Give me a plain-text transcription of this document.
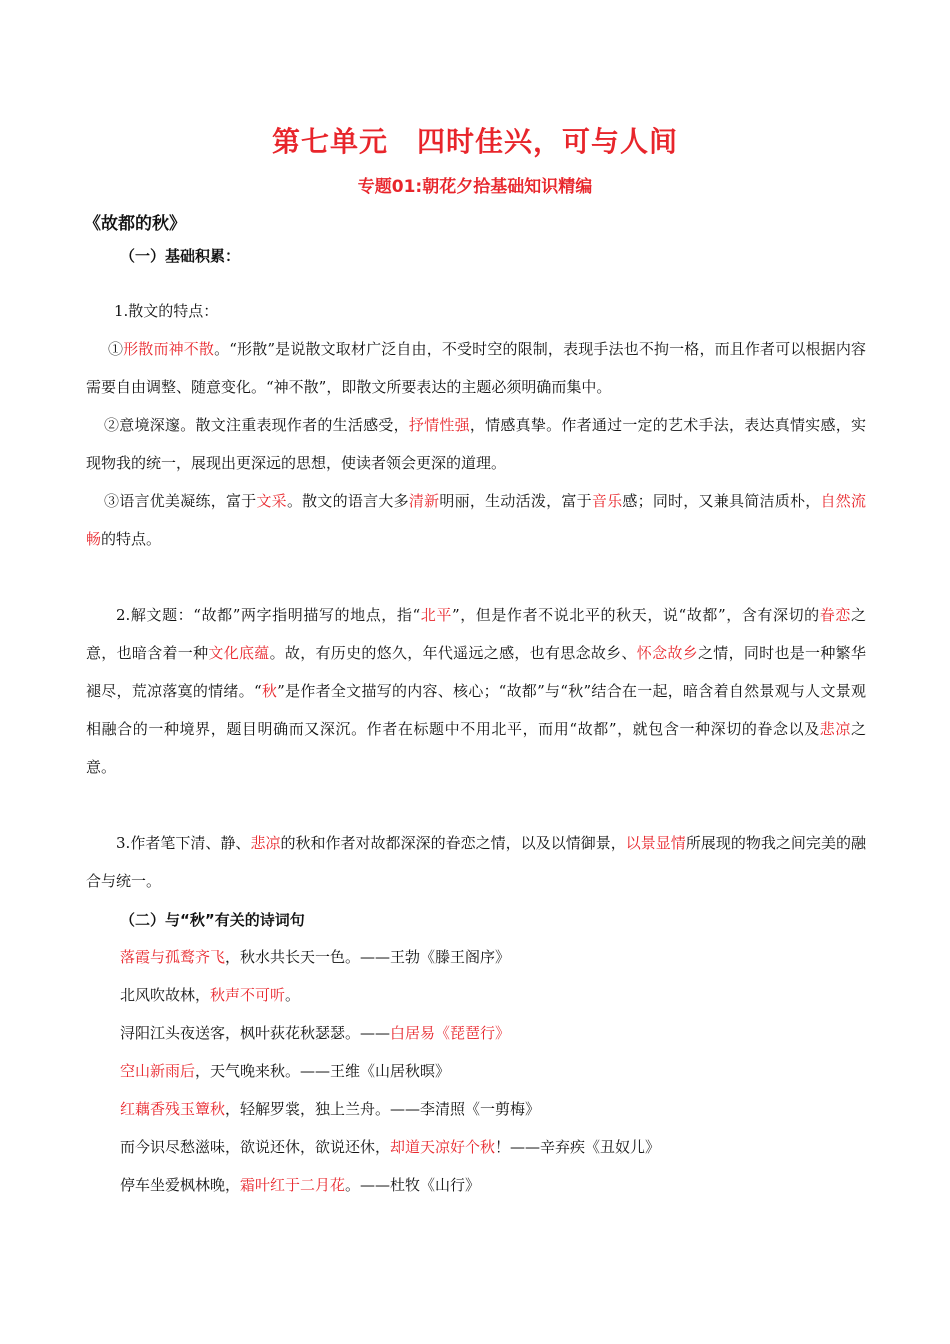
第七单元　四时佳兴，可与人间
专题01:朝花夕拾基础知识精编
《故都的秋》
（一）基础积累：
1.散文的特点：
①形散而神不散。“形散”是说散文取材广泛自由，不受时空的限制，表现手法也不拘一格，而且作者可以根据内容需要自由调整、随意变化。“神不散”，即散文所要表达的主题必须明确而集中。
②意境深邃。散文注重表现作者的生活感受，抒情性强，情感真挚。作者通过一定的艺术手法，表达真情实感，实现物我的统一，展现出更深远的思想，使读者领会更深的道理。
③语言优美凝练，富于文采。散文的语言大多清新明丽，生动活泼，富于音乐感；同时，又兼具简洁质朴，自然流畅的特点。
2.解文题：“故都”两字指明描写的地点，指“北平”，但是作者不说北平的秋天，说“故都”，含有深切的眷恋之意，也暗含着一种文化底蕴。故，有历史的悠久，年代遥远之感，也有思念故乡、怀念故乡之情，同时也是一种繁华褪尽，荒凉落寞的情绪。“秋”是作者全文描写的内容、核心；“故都”与“秋”结合在一起，暗含着自然景观与人文景观相融合的一种境界，题目明确而又深沉。作者在标题中不用北平，而用“故都”，就包含一种深切的眷念以及悲凉之意。
3.作者笔下清、静、悲凉的秋和作者对故都深深的眷恋之情，以及以情御景，以景显情所展现的物我之间完美的融合与统一。
（二）与“秋”有关的诗词句
落霞与孤鹜齐飞，秋水共长天一色。——王勃《滕王阁序》
北风吹故林，秋声不可听。
浔阳江头夜送客，枫叶荻花秋瑟瑟。——白居易《琵琶行》
空山新雨后，天气晚来秋。——王维《山居秋暝》
红藕香残玉簟秋，轻解罗裳，独上兰舟。——李清照《一剪梅》
而今识尽愁滋味，欲说还休，欲说还休，却道天凉好个秋！——辛弃疾《丑奴儿》
停车坐爱枫林晚，霜叶红于二月花。——杜牧《山行》
